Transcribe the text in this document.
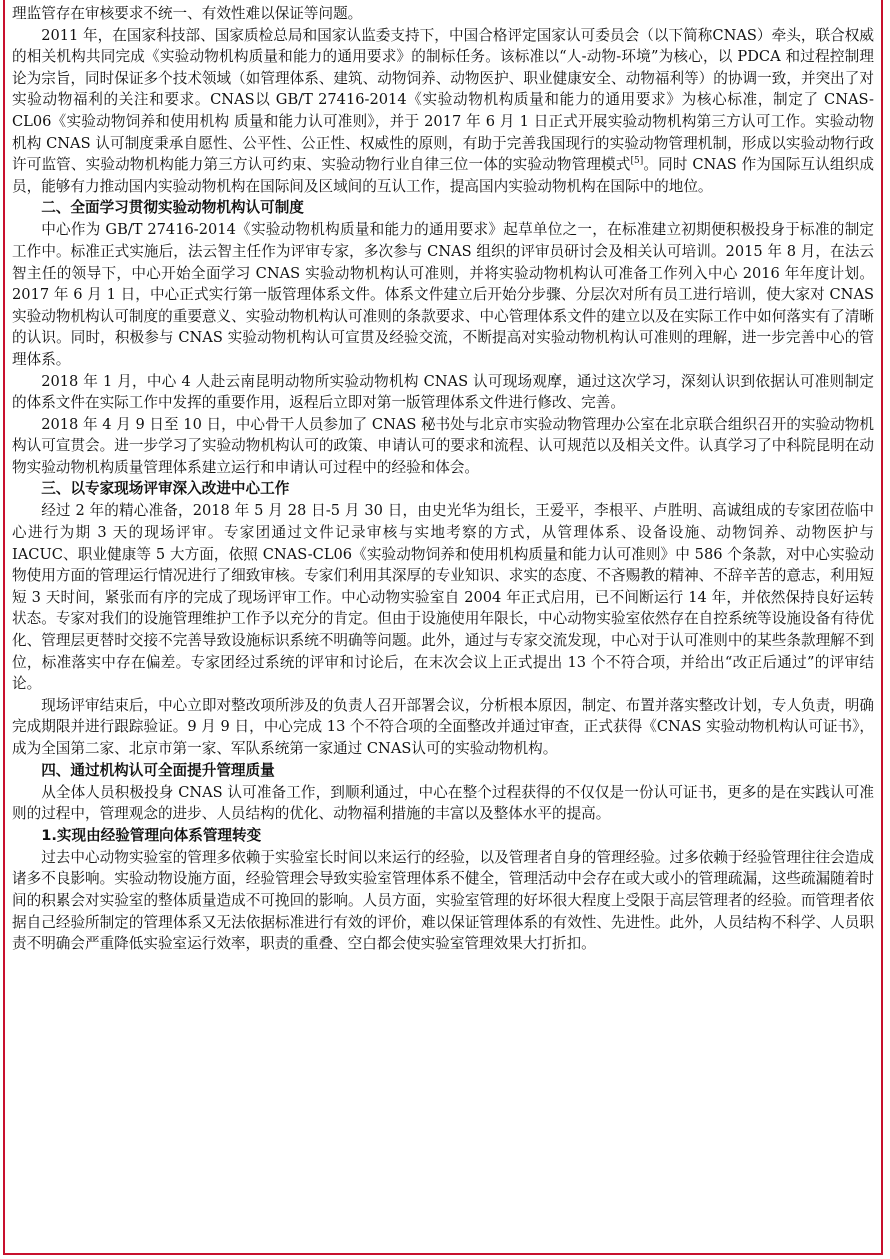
理监管存在审核要求不统一、有效性难以保证等问题。

2011 年，在国家科技部、国家质检总局和国家认监委支持下，中国合格评定国家认可委员会（以下简称CNAS）牵头，联合权威的相关机构共同完成《实验动物机构质量和能力的通用要求》的制标任务。该标准以“人-动物-环境”为核心，以 PDCA 和过程控制理论为宗旨，同时保证多个技术领域（如管理体系、建筑、动物饲养、动物医护、职业健康安全、动物福利等）的协调一致，并突出了对实验动物福利的关注和要求。CNAS以 GB/T 27416-2014《实验动物机构质量和能力的通用要求》为核心标准，制定了 CNAS-CL06《实验动物饲养和使用机构 质量和能力认可准则》，并于 2017 年 6 月 1 日正式开展实验动物机构第三方认可工作。实验动物机构 CNAS 认可制度秉承自愿性、公平性、公正性、权威性的原则，有助于完善我国现行的实验动物管理机制，形成以实验动物行政许可监管、实验动物机构能力第三方认可约束、实验动物行业自律三位一体的实验动物管理模式[5]。同时 CNAS 作为国际互认组织成员，能够有力推动国内实验动物机构在国际间及区域间的互认工作，提高国内实验动物机构在国际中的地位。

二、全面学习贯彻实验动物机构认可制度

中心作为 GB/T 27416-2014《实验动物机构质量和能力的通用要求》起草单位之一，在标准建立初期便积极投身于标准的制定工作中。标准正式实施后，法云智主任作为评审专家，多次参与 CNAS 组织的评审员研讨会及相关认可培训。2015 年 8 月，在法云智主任的领导下，中心开始全面学习 CNAS 实验动物机构认可准则，并将实验动物机构认可准备工作列入中心 2016 年年度计划。2017 年 6 月 1 日，中心正式实行第一版管理体系文件。体系文件建立后开始分步骤、分层次对所有员工进行培训，使大家对 CNAS 实验动物机构认可制度的重要意义、实验动物机构认可准则的条款要求、中心管理体系文件的建立以及在实际工作中如何落实有了清晰的认识。同时，积极参与 CNAS 实验动物机构认可宣贯及经验交流，不断提高对实验动物机构认可准则的理解，进一步完善中心的管理体系。

2018 年 1 月，中心 4 人赴云南昆明动物所实验动物机构 CNAS 认可现场观摩，通过这次学习，深刻认识到依据认可准则制定的体系文件在实际工作中发挥的重要作用，返程后立即对第一版管理体系文件进行修改、完善。

2018 年 4 月 9 日至 10 日，中心骨干人员参加了 CNAS 秘书处与北京市实验动物管理办公室在北京联合组织召开的实验动物机构认可宣贯会。进一步学习了实验动物机构认可的政策、申请认可的要求和流程、认可规范以及相关文件。认真学习了中科院昆明在动物实验动物机构质量管理体系建立运行和申请认可过程中的经验和体会。

三、以专家现场评审深入改进中心工作

经过 2 年的精心准备，2018 年 5 月 28 日-5 月 30 日，由史光华为组长，王爱平，李根平、卢胜明、高诚组成的专家团莅临中心进行为期 3 天的现场评审。专家团通过文件记录审核与实地考察的方式，从管理体系、设备设施、动物饲养、动物医护与 IACUC、职业健康等 5 大方面，依照 CNAS-CL06《实验动物饲养和使用机构质量和能力认可准则》中 586 个条款，对中心实验动物使用方面的管理运行情况进行了细致审核。专家们利用其深厚的专业知识、求实的态度、不吝赐教的精神、不辞辛苦的意志，利用短短 3 天时间，紧张而有序的完成了现场评审工作。中心动物实验室自 2004 年正式启用，已不间断运行 14 年，并依然保持良好运转状态。专家对我们的设施管理维护工作予以充分的肯定。但由于设施使用年限长，中心动物实验室依然存在自控系统等设施设备有待优化、管理层更替时交接不完善导致设施标识系统不明确等问题。此外，通过与专家交流发现，中心对于认可准则中的某些条款理解不到位，标准落实中存在偏差。专家团经过系统的评审和讨论后，在末次会议上正式提出 13 个不符合项，并给出“改正后通过”的评审结论。

现场评审结束后，中心立即对整改项所涉及的负责人召开部署会议，分析根本原因，制定、布置并落实整改计划，专人负责，明确完成期限并进行跟踪验证。9 月 9 日，中心完成 13 个不符合项的全面整改并通过审查，正式获得《CNAS 实验动物机构认可证书》，成为全国第二家、北京市第一家、军队系统第一家通过 CNAS认可的实验动物机构。

四、通过机构认可全面提升管理质量

从全体人员积极投身 CNAS 认可准备工作，到顺利通过，中心在整个过程获得的不仅仅是一份认可证书，更多的是在实践认可准则的过程中，管理观念的进步、人员结构的优化、动物福利措施的丰富以及整体水平的提高。

1.实现由经验管理向体系管理转变

过去中心动物实验室的管理多依赖于实验室长时间以来运行的经验，以及管理者自身的管理经验。过多依赖于经验管理往往会造成诸多不良影响。实验动物设施方面，经验管理会导致实验室管理体系不健全，管理活动中会存在或大或小的管理疏漏，这些疏漏随着时间的积累会对实验室的整体质量造成不可挽回的影响。人员方面，实验室管理的好坏很大程度上受限于高层管理者的经验。而管理者依据自己经验所制定的管理体系又无法依据标准进行有效的评价，难以保证管理体系的有效性、先进性。此外，人员结构不科学、人员职责不明确会严重降低实验室运行效率，职责的重叠、空白都会使实验室管理效果大打折扣。
